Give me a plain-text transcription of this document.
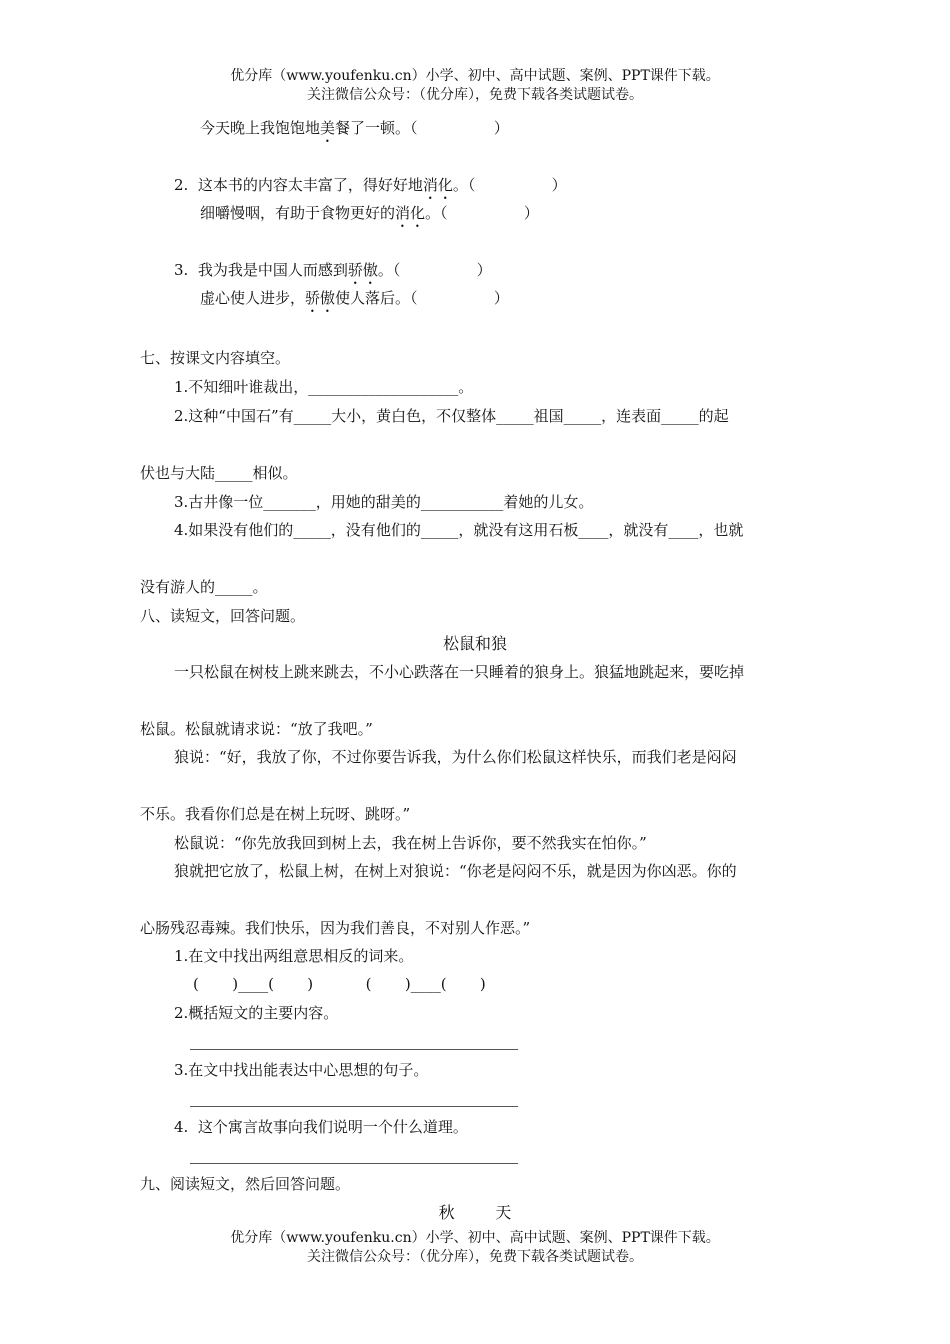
优分库（www.youfenku.cn）小学、初中、高中试题、案例、PPT课件下载。
关注微信公众号：（优分库），免费下载各类试题试卷。
今天晚上我饱饱地美餐了一顿。（                ）
2.  这本书的内容太丰富了，得好好地消化。（                ）
细嚼慢咽，有助于食物更好的消化。（                ）
3.  我为我是中国人而感到骄傲。（                ）
虚心使人进步，骄傲使人落后。（                ）
七、按课文内容填空。
1.不知细叶谁裁出，____________________。
2.这种“中国石”有_____大小，黄白色，不仅整体_____祖国_____，连表面_____的起
伏也与大陆_____相似。
3.古井像一位_______，用她的甜美的___________着她的儿女。
4.如果没有他们的_____，没有他们的_____，就没有这用石板____，就没有____，也就
没有游人的_____。
八、读短文，回答问题。
松鼠和狼
一只松鼠在树枝上跳来跳去，不小心跌落在一只睡着的狼身上。狼猛地跳起来，要吃掉
松鼠。松鼠就请求说：“放了我吧。”
狼说：“好，我放了你，不过你要告诉我，为什么你们松鼠这样快乐，而我们老是闷闷
不乐。我看你们总是在树上玩呀、跳呀。”
松鼠说：“你先放我回到树上去，我在树上告诉你，要不然我实在怕你。”
狼就把它放了，松鼠上树，在树上对狼说：“你老是闷闷不乐，就是因为你凶恶。你的
心肠残忍毒辣。我们快乐，因为我们善良，不对别人作恶。”
1.在文中找出两组意思相反的词来。
(       )____(       )           (       )____(       )
2.概括短文的主要内容。
3.在文中找出能表达中心思想的句子。
4.  这个寓言故事向我们说明一个什么道理。
九、阅读短文，然后回答问题。
秋        天
优分库（www.youfenku.cn）小学、初中、高中试题、案例、PPT课件下载。
关注微信公众号：（优分库），免费下载各类试题试卷。
